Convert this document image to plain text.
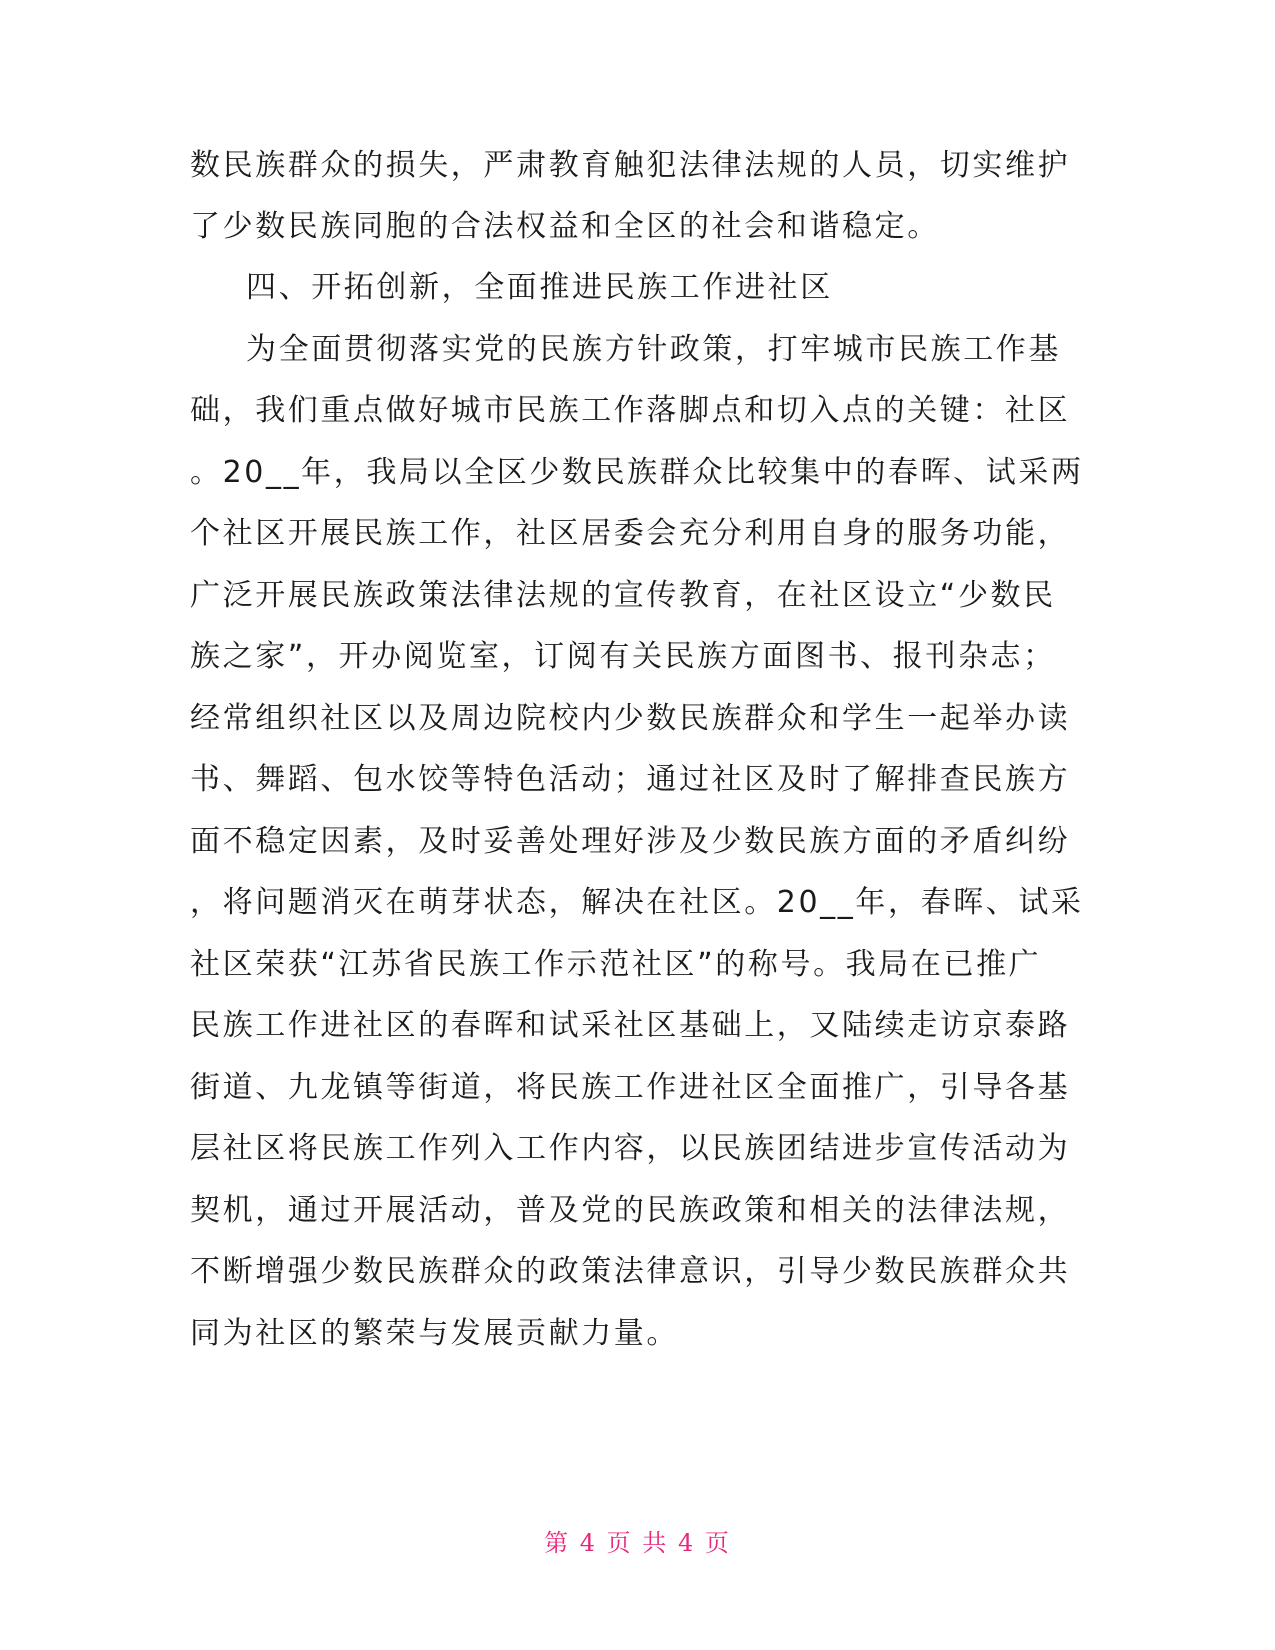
数民族群众的损失，严肃教育触犯法律法规的人员，切实维护
了少数民族同胞的合法权益和全区的社会和谐稳定。
四、开拓创新，全面推进民族工作进社区
为全面贯彻落实党的民族方针政策，打牢城市民族工作基
础，我们重点做好城市民族工作落脚点和切入点的关键：社区
。20__年，我局以全区少数民族群众比较集中的春晖、试采两
个社区开展民族工作，社区居委会充分利用自身的服务功能，
广泛开展民族政策法律法规的宣传教育，在社区设立“少数民
族之家”，开办阅览室，订阅有关民族方面图书、报刊杂志；
经常组织社区以及周边院校内少数民族群众和学生一起举办读
书、舞蹈、包水饺等特色活动；通过社区及时了解排查民族方
面不稳定因素，及时妥善处理好涉及少数民族方面的矛盾纠纷
，将问题消灭在萌芽状态，解决在社区。20__年，春晖、试采
社区荣获“江苏省民族工作示范社区”的称号。我局在已推广
民族工作进社区的春晖和试采社区基础上，又陆续走访京泰路
街道、九龙镇等街道，将民族工作进社区全面推广，引导各基
层社区将民族工作列入工作内容，以民族团结进步宣传活动为
契机，通过开展活动，普及党的民族政策和相关的法律法规，
不断增强少数民族群众的政策法律意识，引导少数民族群众共
同为社区的繁荣与发展贡献力量。
第 4 页 共 4 页
